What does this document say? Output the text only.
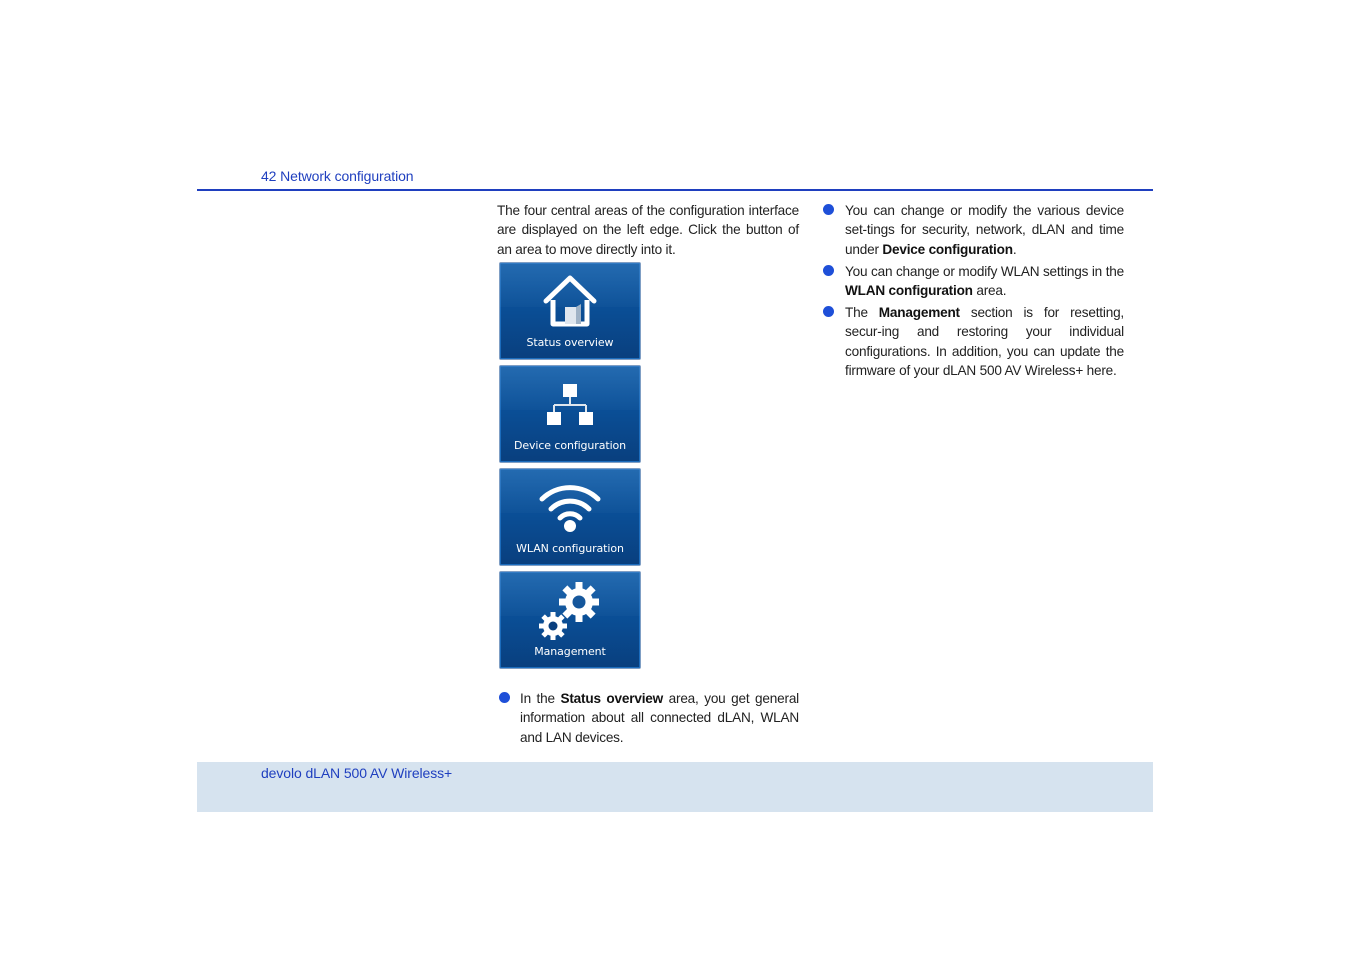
42 Network configuration
The four central areas of the configuration interface are displayed on the left edge. Click the button of an area to move directly into it.
Status overview
Device configuration
WLAN configuration
Management
In the Status overview area, you get general information about all connected dLAN, WLAN and LAN devices.
You can change or modify the various device set-tings for security, network, dLAN and time under Device configuration.
You can change or modify WLAN settings in the WLAN configuration area.
The Management section is for resetting, secur-ing and restoring your individual configurations. In addition, you can update the firmware of your dLAN 500 AV Wireless+ here.
devolo dLAN 500 AV Wireless+
